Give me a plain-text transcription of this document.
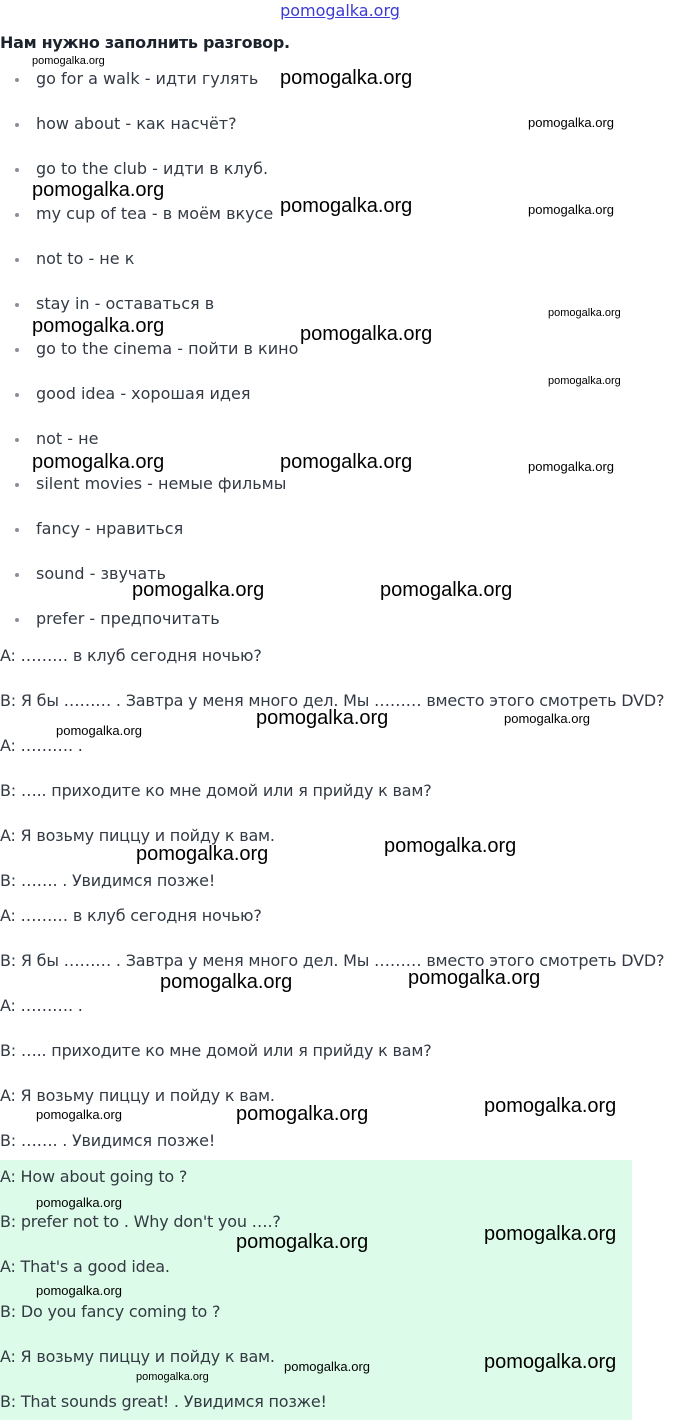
pomogalka.org
Нам нужно заполнить разговор.
go for a walk - идти гулять
how about - как насчёт?
go to the club - идти в клуб.
my cup of tea - в моём вкусе
not to - не к
stay in - оставаться в
go to the cinema - пойти в кино
good idea - хорошая идея
not - не
silent movies - немые фильмы
fancy - нравиться
sound - звучать
prefer - предпочитать
A: ……… в клуб сегодня ночью?
B: Я бы ……… . Завтра у меня много дел. Мы ……… вместо этого смотреть DVD?
A: ………. .
B: ….. приходите ко мне домой или я прийду к вам?
A: Я возьму пиццу и пойду к вам.
B: ……. . Увидимся позже!
A: ……… в клуб сегодня ночью?
B: Я бы ……… . Завтра у меня много дел. Мы ……… вместо этого смотреть DVD?
A: ………. .
B: ….. приходите ко мне домой или я прийду к вам?
A: Я возьму пиццу и пойду к вам.
B: ……. . Увидимся позже!
A: How about going to ?
B: prefer not to . Why don't you ….?
A: That's a good idea.
B: Do you fancy coming to ?
A: Я возьму пиццу и пойду к вам.
B: That sounds great! . Увидимся позже!
pomogalka.org
pomogalka.org
pomogalka.org
pomogalka.org
pomogalka.org	pomogalka.org
pomogalka.org
pomogalka.org	pomogalka.org
pomogalka.org
pomogalka.org	pomogalka.org	pomogalka.org
pomogalka.org	pomogalka.org
pomogalka.org	pomogalka.org
pomogalka.org
pomogalka.org
pomogalka.org
pomogalka.org
pomogalka.org
pomogalka.org
pomogalka.org
pomogalka.org
pomogalka.org
pomogalka.org
pomogalka.org
pomogalka.org
pomogalka.org
pomogalka.org
pomogalka.org
